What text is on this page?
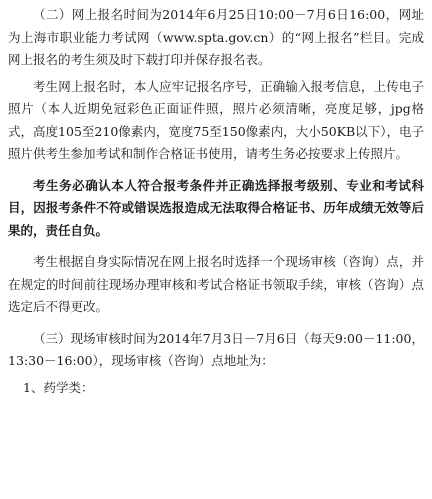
（二）网上报名时间为2014年6月25日10:00－7月6日16:00，网址为上海市职业能力考试网（www.spta.gov.cn）的“网上报名”栏目。完成网上报名的考生须及时下载打印并保存报名表。

考生网上报名时，本人应牢记报名序号，正确输入报考信息，上传电子照片（本人近期免冠彩色正面证件照，照片必须清晰，亮度足够，jpg格式，高度105至210像素内，宽度75至150像素内，大小50KB以下），电子照片供考生参加考试和制作合格证书使用，请考生务必按要求上传照片。

考生务必确认本人符合报考条件并正确选择报考级别、专业和考试科目，因报考条件不符或错误选报造成无法取得合格证书、历年成绩无效等后果的，责任自负。

考生根据自身实际情况在网上报名时选择一个现场审核（咨询）点，并在规定的时间前往现场办理审核和考试合格证书领取手续，审核（咨询）点选定后不得更改。

（三）现场审核时间为2014年7月3日－7月6日（每天9:00－11:00，13:30－16:00），现场审核（咨询）点地址为：

1、药学类：
